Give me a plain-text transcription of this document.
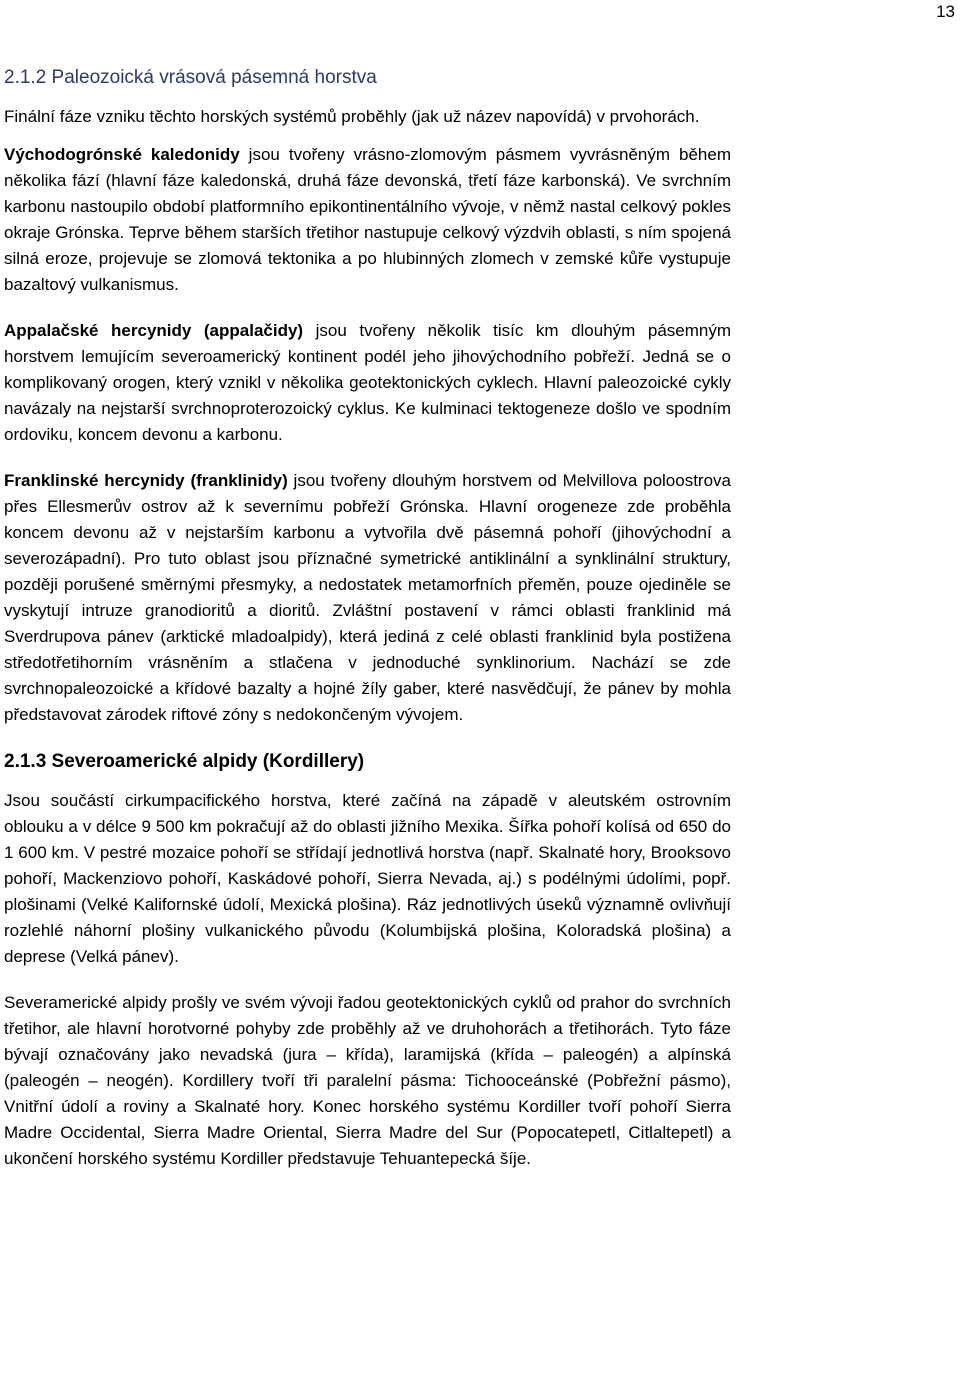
13
2.1.2 Paleozoická vrásová pásemná horstva

Finální fáze vzniku těchto horských systémů proběhly (jak už název napovídá) v prvohorách.

Východogrónské kaledonidy jsou tvořeny vrásno-zlomovým pásmem vyvrásněným během několika fází (hlavní fáze kaledonská, druhá fáze devonská, třetí fáze karbonská). Ve svrchním karbonu nastoupilo období platformního epikontinentálního vývoje, v němž nastal celkový pokles okraje Grónska. Teprve během starších třetihor nastupuje celkový výzdvih oblasti, s ním spojená silná eroze, projevuje se zlomová tektonika a po hlubinných zlomech v zemské kůře vystupuje bazaltový vulkanismus.

Appalačské hercynidy (appalačidy) jsou tvořeny několik tisíc km dlouhým pásemným horstvem lemujícím severoamerický kontinent podél jeho jihovýchodního pobřeží. Jedná se o komplikovaný orogen, který vznikl v několika geotektonických cyklech. Hlavní paleozoické cykly navázaly na nejstarší svrchnoproterozoický cyklus. Ke kulminaci tektogeneze došlo ve spodním ordoviku, koncem devonu a karbonu.

Franklinské hercynidy (franklinidy) jsou tvořeny dlouhým horstvem od Melvillova poloostrova přes Ellesmerův ostrov až k severnímu pobřeží Grónska. Hlavní orogeneze zde proběhla koncem devonu až v nejstarším karbonu a vytvořila dvě pásemná pohoří (jihovýchodní a severozápadní). Pro tuto oblast jsou příznačné symetrické antiklinální a synklinální struktury, později porušené směrnými přesmyky, a nedostatek metamorfních přeměn, pouze ojediněle se vyskytují intruze granodioritů a dioritů. Zvláštní postavení v rámci oblasti franklinid má Sverdrupova pánev (arktické mladoalpidy), která jediná z celé oblasti franklinid byla postižena středotřetihorním vrásněním a stlačena v jednoduché synklinorium. Nachází se zde svrchnopaleozoické a křídové bazalty a hojné žíly gaber, které nasvědčují, že pánev by mohla představovat zárodek riftové zóny s nedokončeným vývojem.

2.1.3 Severoamerické alpidy (Kordillery)

Jsou součástí cirkumpacifického horstva, které začíná na západě v aleutském ostrovním oblouku a v délce 9 500 km pokračují až do oblasti jižního Mexika. Šířka pohoří kolísá od 650 do 1 600 km. V pestré mozaice pohoří se střídají jednotlivá horstva (např. Skalnaté hory, Brooksovo pohoří, Mackenziovo pohoří, Kaskádové pohoří, Sierra Nevada, aj.) s podélnými údolími, popř. plošinami (Velké Kalifornské údolí, Mexická plošina). Ráz jednotlivých úseků významně ovlivňují rozlehlé náhorní plošiny vulkanického původu (Kolumbijská plošina, Koloradská plošina) a deprese (Velká pánev).

Severamerické alpidy prošly ve svém vývoji řadou geotektonických cyklů od prahor do svrchních třetihor, ale hlavní horotvorné pohyby zde proběhly až ve druhohorách a třetihorách. Tyto fáze bývají označovány jako nevadská (jura – křída), laramijská (křída – paleogén) a alpínská (paleogén – neogén). Kordillery tvoří tři paralelní pásma: Tichooceánské (Pobřežní pásmo), Vnitřní údolí a roviny a Skalnaté hory. Konec horského systému Kordiller tvoří pohoří Sierra Madre Occidental, Sierra Madre Oriental, Sierra Madre del Sur (Popocatepetl, Citlaltepetl) a ukončení horského systému Kordiller představuje Tehuantepecká šíje.
